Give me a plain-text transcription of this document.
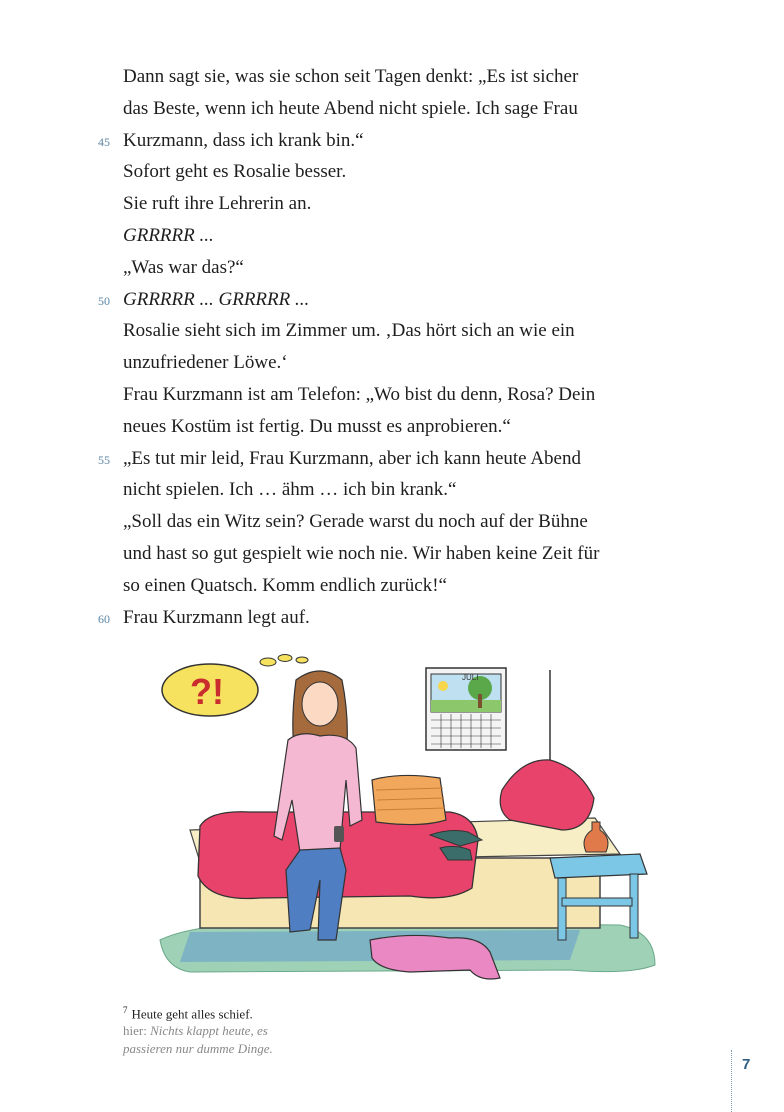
Dann sagt sie, was sie schon seit Tagen denkt: „Es ist sicher
das Beste, wenn ich heute Abend nicht spiele. Ich sage Frau
Kurzmann, dass ich krank bin.“
Sofort geht es Rosalie besser.
Sie ruft ihre Lehrerin an.
GRRRRR ...
„Was war das?“
GRRRRR ... GRRRRR ...
Rosalie sieht sich im Zimmer um. ‚Das hört sich an wie ein
unzufriedener Löwe.‘
Frau Kurzmann ist am Telefon: „Wo bist du denn, Rosa? Dein
neues Kostüm ist fertig. Du musst es anprobieren.“
„Es tut mir leid, Frau Kurzmann, aber ich kann heute Abend
nicht spielen. Ich … ähm … ich bin krank.“
„Soll das ein Witz sein? Gerade warst du noch auf der Bühne
und hast so gut gespielt wie noch nie. Wir haben keine Zeit für
so einen Quatsch. Komm endlich zurück!“
Frau Kurzmann legt auf.
45
50
55
60
JULI
?!
$^7$ Heute geht alles schief.
hier: Nichts klappt heute, es
passieren nur dumme Dinge.
7
